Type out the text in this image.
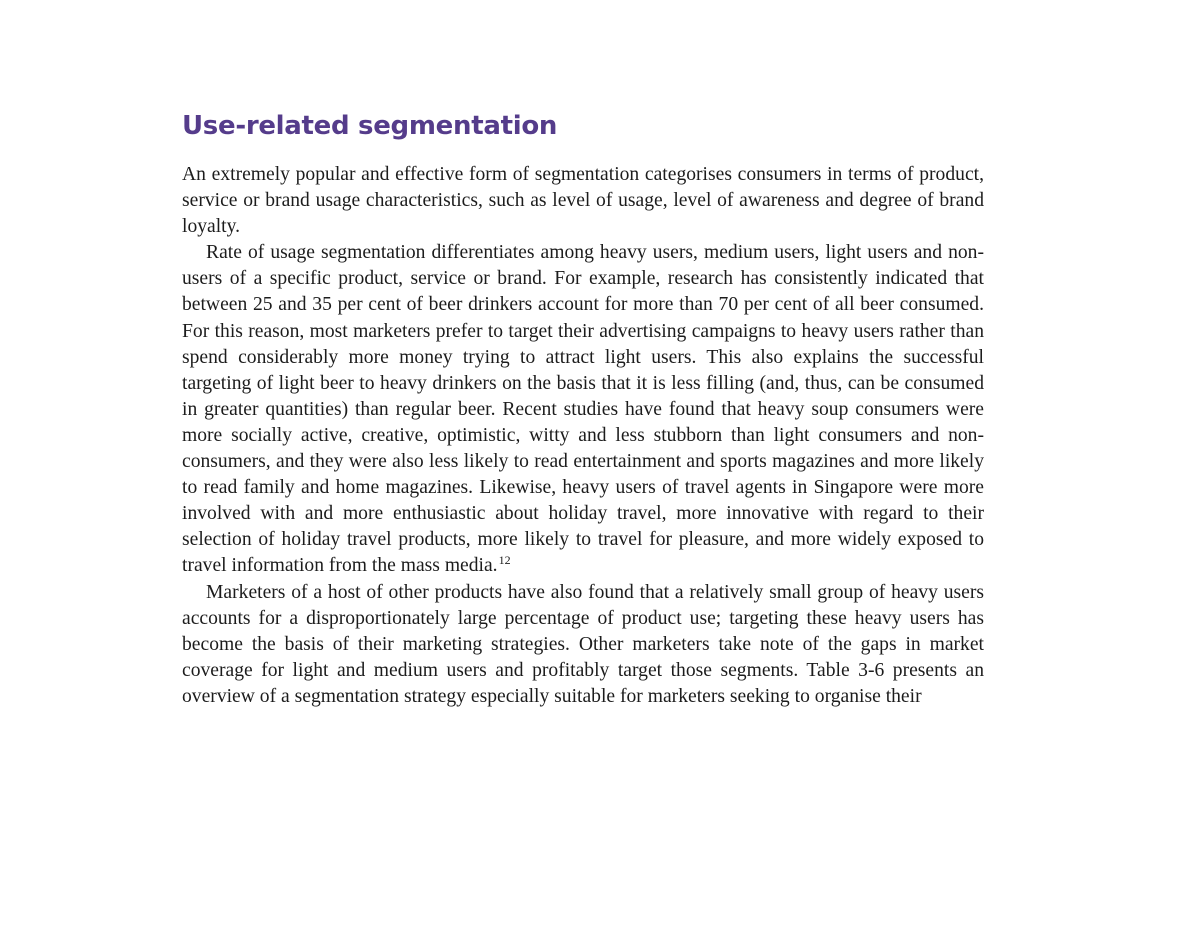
Use-related segmentation

An extremely popular and effective form of segmentation categorises consumers in terms of product, service or brand usage characteristics, such as level of usage, level of awareness and degree of brand loyalty.

Rate of usage segmentation differentiates among heavy users, medium users, light users and non-users of a specific product, service or brand. For example, research has consistently indicated that between 25 and 35 per cent of beer drinkers account for more than 70 per cent of all beer consumed. For this reason, most marketers prefer to target their advertising campaigns to heavy users rather than spend considerably more money trying to attract light users. This also explains the successful targeting of light beer to heavy drinkers on the basis that it is less filling (and, thus, can be consumed in greater quantities) than regular beer. Recent studies have found that heavy soup consumers were more socially active, creative, optimistic, witty and less stubborn than light consumers and non-consumers, and they were also less likely to read entertainment and sports magazines and more likely to read family and home magazines. Likewise, heavy users of travel agents in Singapore were more involved with and more enthusiastic about holiday travel, more innovative with regard to their selection of holiday travel products, more likely to travel for pleasure, and more widely exposed to travel information from the mass media.$^{12}$

Marketers of a host of other products have also found that a relatively small group of heavy users accounts for a disproportionately large percentage of product use; targeting these heavy users has become the basis of their marketing strategies. Other marketers take note of the gaps in market coverage for light and medium users and profitably target those segments. Table 3-6 presents an overview of a segmentation strategy especially suitable for marketers seeking to organise their
